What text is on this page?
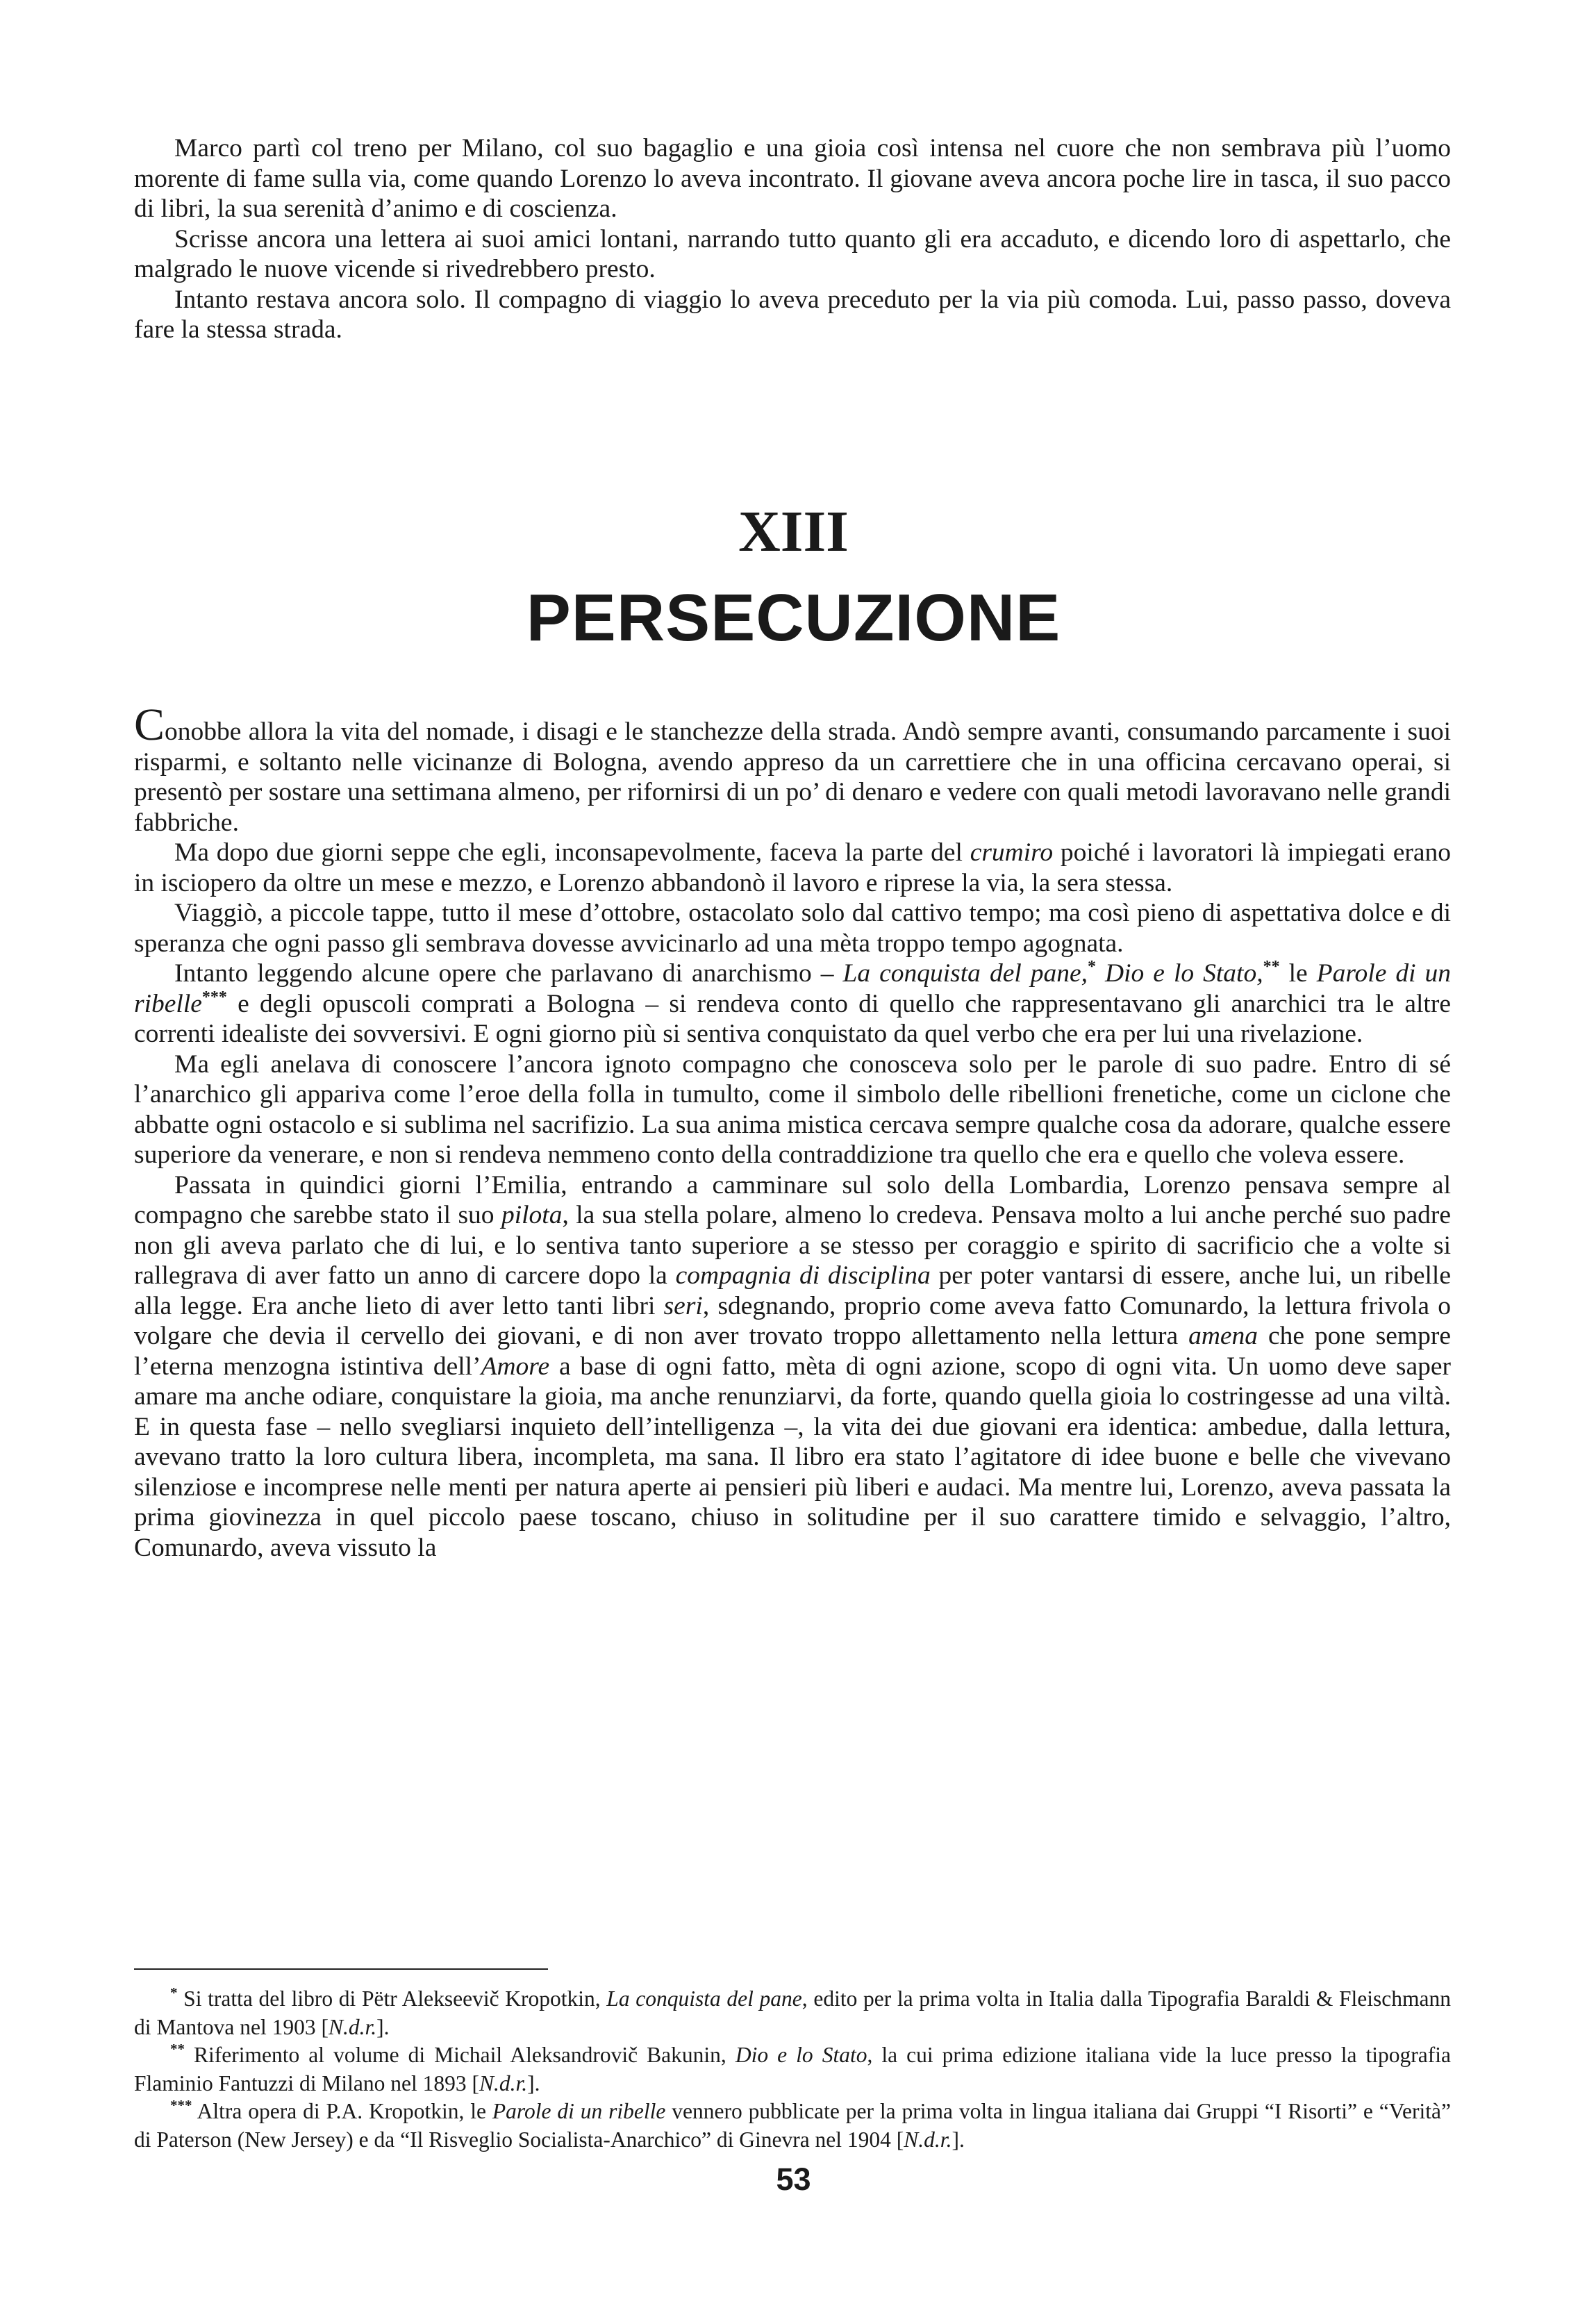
Marco partì col treno per Milano, col suo bagaglio e una gioia così intensa nel cuore che non sembrava più l’uomo morente di fame sulla via, come quando Lorenzo lo aveva incontrato. Il giovane aveva ancora poche lire in tasca, il suo pacco di libri, la sua serenità d’animo e di coscienza.

Scrisse ancora una lettera ai suoi amici lontani, narrando tutto quanto gli era accaduto, e dicendo loro di aspettarlo, che malgrado le nuove vicende si rivedrebbero presto.

Intanto restava ancora solo. Il compagno di viaggio lo aveva preceduto per la via più comoda. Lui, passo passo, doveva fare la stessa strada.

XIII
PERSECUZIONE

Conobbe allora la vita del nomade, i disagi e le stanchezze della strada. Andò sempre avanti, consumando parcamente i suoi risparmi, e soltanto nelle vicinanze di Bologna, avendo appreso da un carrettiere che in una officina cercavano operai, si presentò per sostare una settimana almeno, per rifornirsi di un po’ di denaro e vedere con quali metodi lavoravano nelle grandi fabbriche.

Ma dopo due giorni seppe che egli, inconsapevolmente, faceva la parte del crumiro poiché i lavoratori là impiegati erano in isciopero da oltre un mese e mezzo, e Lorenzo abbandonò il lavoro e riprese la via, la sera stessa.

Viaggiò, a piccole tappe, tutto il mese d’ottobre, ostacolato solo dal cattivo tempo; ma così pieno di aspettativa dolce e di speranza che ogni passo gli sembrava dovesse avvicinarlo ad una mèta troppo tempo agognata.

Intanto leggendo alcune opere che parlavano di anarchismo – La conquista del pane,* Dio e lo Stato,** le Parole di un ribelle*** e degli opuscoli comprati a Bologna – si rendeva conto di quello che rappresentavano gli anarchici tra le altre correnti idealiste dei sovversivi. E ogni giorno più si sentiva conquistato da quel verbo che era per lui una rivelazione.

Ma egli anelava di conoscere l’ancora ignoto compagno che conosceva solo per le parole di suo padre. Entro di sé l’anarchico gli appariva come l’eroe della folla in tumulto, come il simbolo delle ribellioni frenetiche, come un ciclone che abbatte ogni ostacolo e si sublima nel sacrifizio. La sua anima mistica cercava sempre qualche cosa da adorare, qualche essere superiore da venerare, e non si rendeva nemmeno conto della contraddizione tra quello che era e quello che voleva essere.

Passata in quindici giorni l’Emilia, entrando a camminare sul solo della Lombardia, Lorenzo pensava sempre al compagno che sarebbe stato il suo pilota, la sua stella polare, almeno lo credeva. Pensava molto a lui anche perché suo padre non gli aveva parlato che di lui, e lo sentiva tanto superiore a se stesso per coraggio e spirito di sacrificio che a volte si rallegrava di aver fatto un anno di carcere dopo la compagnia di disciplina per poter vantarsi di essere, anche lui, un ribelle alla legge. Era anche lieto di aver letto tanti libri seri, sdegnando, proprio come aveva fatto Comunardo, la lettura frivola o volgare che devia il cervello dei giovani, e di non aver trovato troppo allettamento nella lettura amena che pone sempre l’eterna menzogna istintiva dell’Amore a base di ogni fatto, mèta di ogni azione, scopo di ogni vita. Un uomo deve saper amare ma anche odiare, conquistare la gioia, ma anche renunziarvi, da forte, quando quella gioia lo costringesse ad una viltà. E in questa fase – nello svegliarsi inquieto dell’intelligenza –, la vita dei due giovani era identica: ambedue, dalla lettura, avevano tratto la loro cultura libera, incompleta, ma sana. Il libro era stato l’agitatore di idee buone e belle che vivevano silenziose e incomprese nelle menti per natura aperte ai pensieri più liberi e audaci. Ma mentre lui, Lorenzo, aveva passata la prima giovinezza in quel piccolo paese toscano, chiuso in solitudine per il suo carattere timido e selvaggio, l’altro, Comunardo, aveva vissuto la

* Si tratta del libro di Pëtr Alekseevič Kropotkin, La conquista del pane, edito per la prima volta in Italia dalla Tipografia Baraldi & Fleischmann di Mantova nel 1903 [N.d.r.].

** Riferimento al volume di Michail Aleksandrovič Bakunin, Dio e lo Stato, la cui prima edizione italiana vide la luce presso la tipografia Flaminio Fantuzzi di Milano nel 1893 [N.d.r.].

*** Altra opera di P.A. Kropotkin, le Parole di un ribelle vennero pubblicate per la prima volta in lingua italiana dai Gruppi “I Risorti” e “Verità” di Paterson (New Jersey) e da “Il Risveglio Socialista-Anarchico” di Ginevra nel 1904 [N.d.r.].

53
